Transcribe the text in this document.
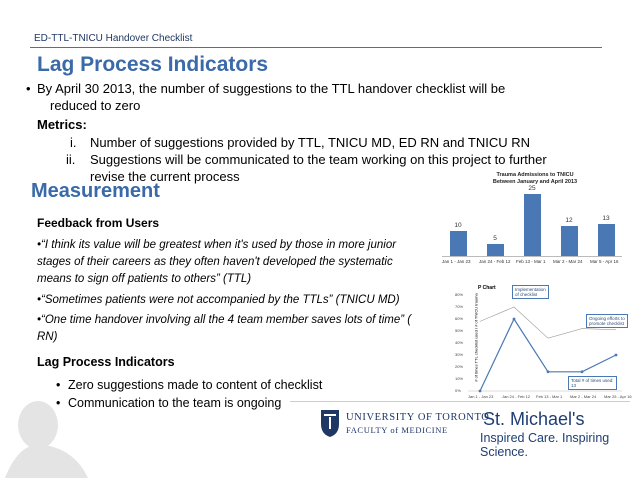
ED-TTL-TNICU Handover Checklist
Lag Process Indicators
• By April 30 2013, the number of suggestions to the TTL handover checklist will be
reduced to zero
Metrics:
i. Number of suggestions provided by TTL, TNICU MD, ED RN and TNICU RN
ii. Suggestions will be communicated to the team working on this project to further
revise the current process
Measurement
Feedback from Users
•“I think its value will be greatest when it's used by those in more junior
stages of their careers as they often haven't developed the systematic
means to sign off patients to others” (TTL)
•“Sometimes patients were not accompanied by the TTLs” (TNICU MD)
•“One time handover involving all the 4 team member saves lots of time” (
RN)
Lag Process Indicators
• Zero suggestions made to content of checklist
• Communication to the team is ongoing
Trauma Admissions to TNICU
Between January and April 2013
10
Jan 1 - Jan 23
5
Jan 24 - Feb 12
25
Feb 13 - Mar 1
12
Mar 2 - Mar 24
13
Mar 5 - Apr 16
P Chart
# of times TTL checklist used / # of TNICU trauma
Implementation
of checklist
Ongoing efforts to
promote checklist
Total # of times used:
13
0%
10%
20%
30%
40%
50%
60%
70%
80%
Jan 1 - Jan 23 Jan 24 - Feb 12 Feb 13 - Mar 1 Mar 2 - Mar 24 Mar 25 - Apr 16
UNIVERSITY OF TORONTO
FACULTY of MEDICINE
St. Michael's
Inspired Care. Inspiring Science.
